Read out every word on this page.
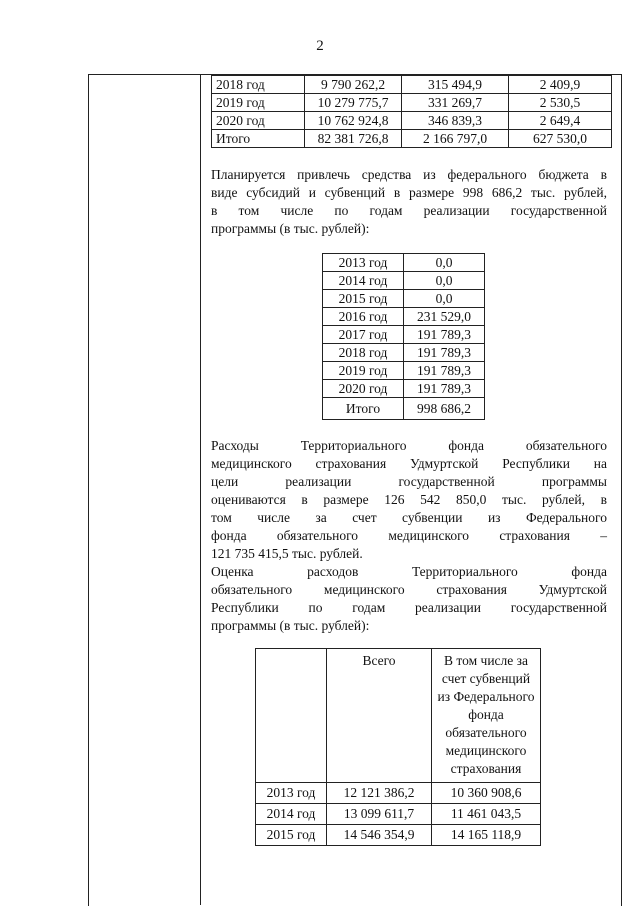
2
2018 год	9 790 262,2	315 494,9	2 409,9
2019 год	10 279 775,7	331 269,7	2 530,5
2020 год	10 762 924,8	346 839,3	2 649,4
Итого	82 381 726,8	2 166 797,0	627 530,0

Планируется привлечь средства из федерального бюджета в
виде субсидий и субвенций в размере 998 686,2 тыс. рублей,
в том числе по годам реализации государственной
программы (в тыс. рублей):

2013 год	0,0
2014 год	0,0
2015 год	0,0
2016 год	231 529,0
2017 год	191 789,3
2018 год	191 789,3
2019 год	191 789,3
2020 год	191 789,3
Итого	998 686,2

Расходы Территориального фонда обязательного
медицинского страхования Удмуртской Республики на
цели реализации государственной программы
оцениваются в размере 126 542 850,0 тыс. рублей, в
том числе за счет субвенции из Федерального
фонда обязательного медицинского страхования –
121 735 415,5 тыс. рублей.

Оценка расходов Территориального фонда
обязательного медицинского страхования Удмуртской
Республики по годам реализации государственной
программы (в тыс. рублей):

	Всего	В том числе за счет субвенций из Федерального фонда обязательного медицинского страхования
2013 год	12 121 386,2	10 360 908,6
2014 год	13 099 611,7	11 461 043,5
2015 год	14 546 354,9	14 165 118,9
